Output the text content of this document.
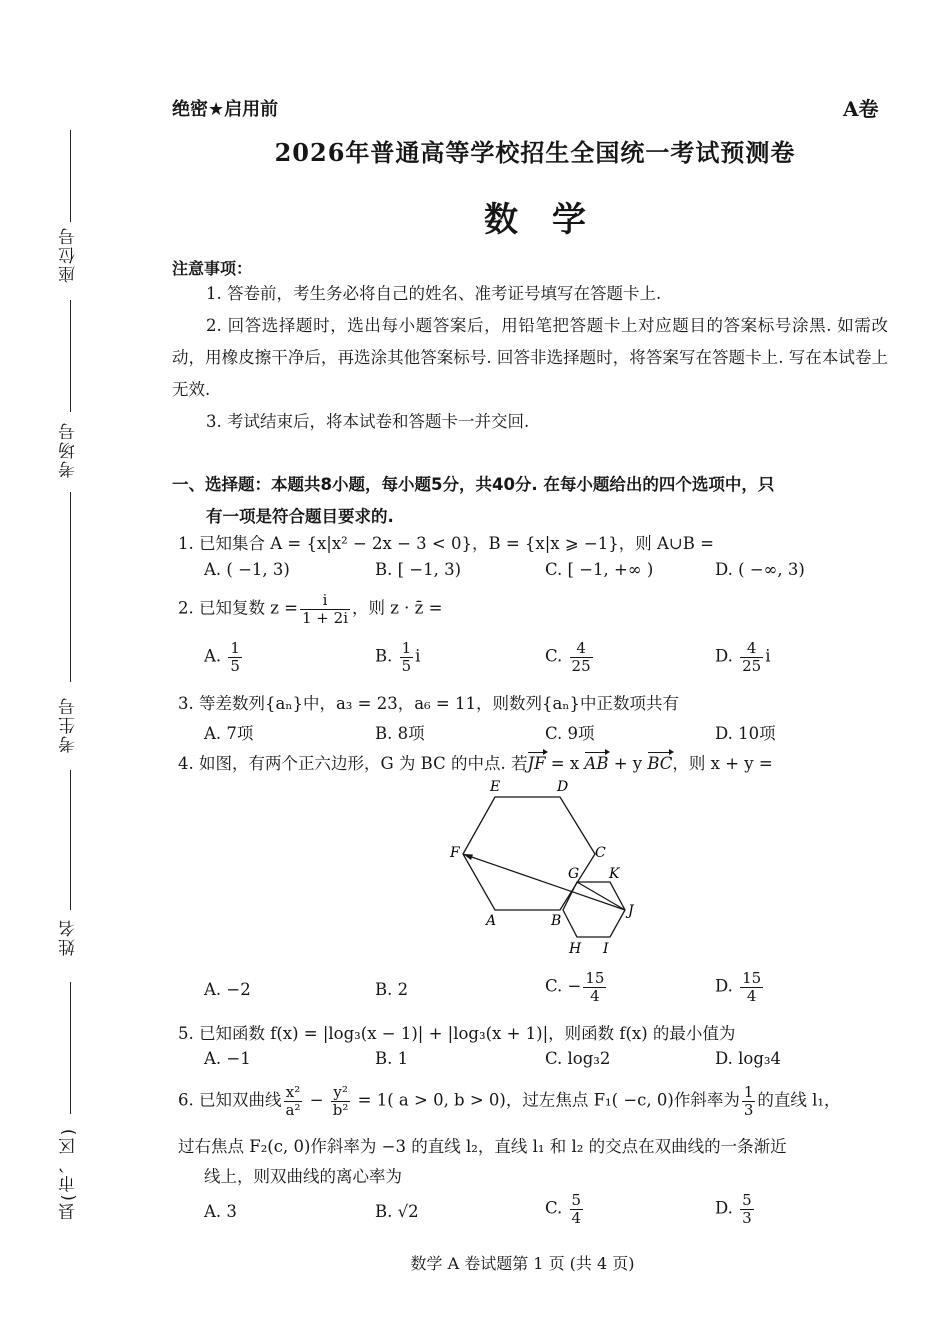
座位号
考场号
考生号
姓名
县(市、区)
绝密★启用前	A卷
2026年普通高等学校招生全国统一考试预测卷
数学
注意事项：
1. 答卷前，考生务必将自己的姓名、准考证号填写在答题卡上.
2. 回答选择题时，选出每小题答案后，用铅笔把答题卡上对应题目的答案标号涂黑. 如需改动，用橡皮擦干净后，再选涂其他答案标号. 回答非选择题时，将答案写在答题卡上. 写在本试卷上无效.
3. 考试结束后，将本试卷和答题卡一并交回.
一、选择题：本题共8小题，每小题5分，共40分. 在每小题给出的四个选项中，只
有一项是符合题目要求的.
1. 已知集合 A = {x|x² − 2x − 3 < 0}，B = {x|x ⩾ −1}，则 A∪B =
A. ( −1, 3)	B. [ −1, 3)	C. [ −1, +∞ )	D. ( −∞, 3)
2. 已知复数 $z = \frac{i}{1 + 2i}$ ，则 z · z̄ =
A. $\frac{1}{5}$	B. $\frac{1}{5}$ i	C. $\frac{4}{25}$	D. $\frac{4}{25}$ i
3. 等差数列{aₙ}中，a₃ = 23，a₆ = 11，则数列{aₙ}中正数项共有
A. 7项	B. 8项	C. 9项	D. 10项
4. 如图，有两个正六边形，G 为 BC 的中点. 若JF = x AB + y BC，则 x + y =
E	D
C
F
G K
J
A	B
H I
A. −2	B. 2	C. − $\frac{15}{4}$	D. $\frac{15}{4}$
5. 已知函数 f(x) = |log₃(x − 1)| + |log₃(x + 1)|，则函数 f(x) 的最小值为
A. −1	B. 1	C. log₃2	D. log₃4
6. 已知双曲线 $\frac{\text{x²}}{\text{a²}} - \frac{\text{y²}}{\text{b²}} = 1$( a > 0, b > 0)，过左焦点 F₁( −c, 0)作斜率为 $\frac{1}{3}$ 的直线 l₁，
过右焦点 F₂(c, 0)作斜率为 −3 的直线 l₂，直线 l₁ 和 l₂ 的交点在双曲线的一条渐近
线上，则双曲线的离心率为
A. 3	B. √2	C. $\frac{5}{4}$	D. $\frac{5}{3}$
数学 A 卷试题第 1 页 (共 4 页)
